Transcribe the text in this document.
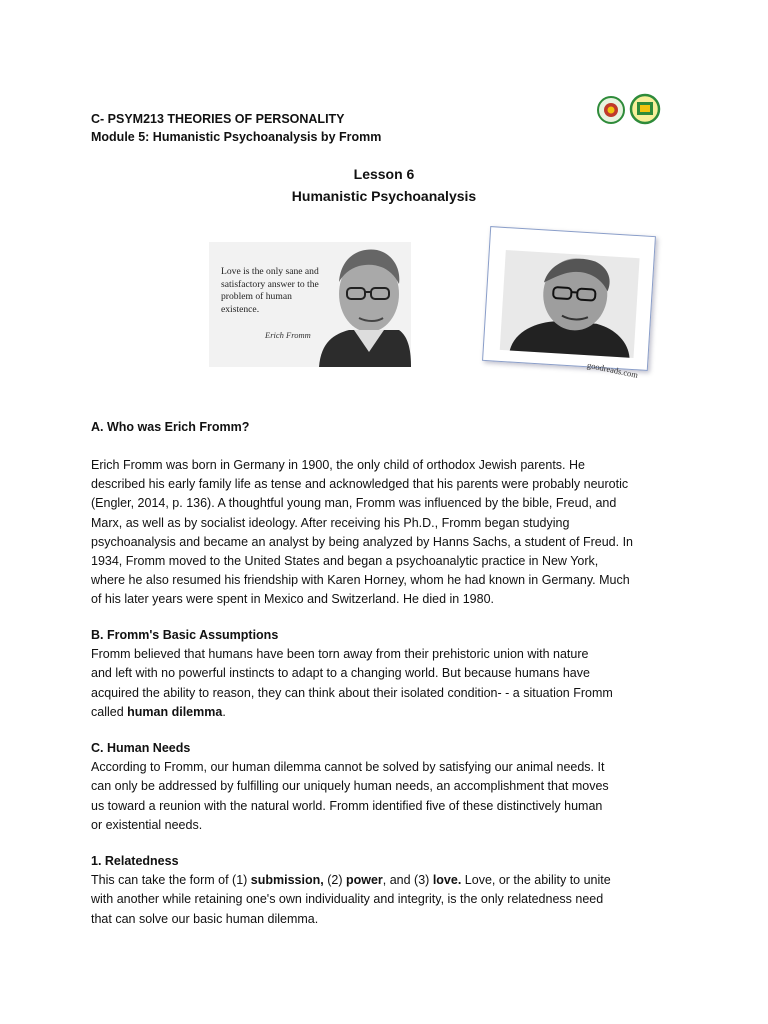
C- PSYM213 THEORIES OF PERSONALITY
Module 5: Humanistic Psychoanalysis by Fromm
Lesson 6
Humanistic Psychoanalysis
Love is the only sane and
satisfactory answer to the
problem of human existence.
Erich Fromm
goodreads.com
A. Who was Erich Fromm?
Erich Fromm was born in Germany in 1900, the only child of orthodox Jewish parents. He
described his early family life as tense and acknowledged that his parents were probably neurotic
(Engler, 2014, p. 136). A thoughtful young man, Fromm was influenced by the bible, Freud, and
Marx, as well as by socialist ideology. After receiving his Ph.D., Fromm began studying
psychoanalysis and became an analyst by being analyzed by Hanns Sachs, a student of Freud. In
1934, Fromm moved to the United States and began a psychoanalytic practice in New York,
where he also resumed his friendship with Karen Horney, whom he had known in Germany. Much
of his later years were spent in Mexico and Switzerland. He died in 1980.
B. Fromm's Basic Assumptions
Fromm believed that humans have been torn away from their prehistoric union with nature
and left with no powerful instincts to adapt to a changing world. But because humans have
acquired the ability to reason, they can think about their isolated condition- - a situation Fromm
called human dilemma.
C. Human Needs
According to Fromm, our human dilemma cannot be solved by satisfying our animal needs. It
can only be addressed by fulfilling our uniquely human needs, an accomplishment that moves
us toward a reunion with the natural world. Fromm identified five of these distinctively human
or existential needs.
1. Relatedness
This can take the form of (1) submission, (2) power, and (3) love. Love, or the ability to unite
with another while retaining one's own individuality and integrity, is the only relatedness need
that can solve our basic human dilemma.
